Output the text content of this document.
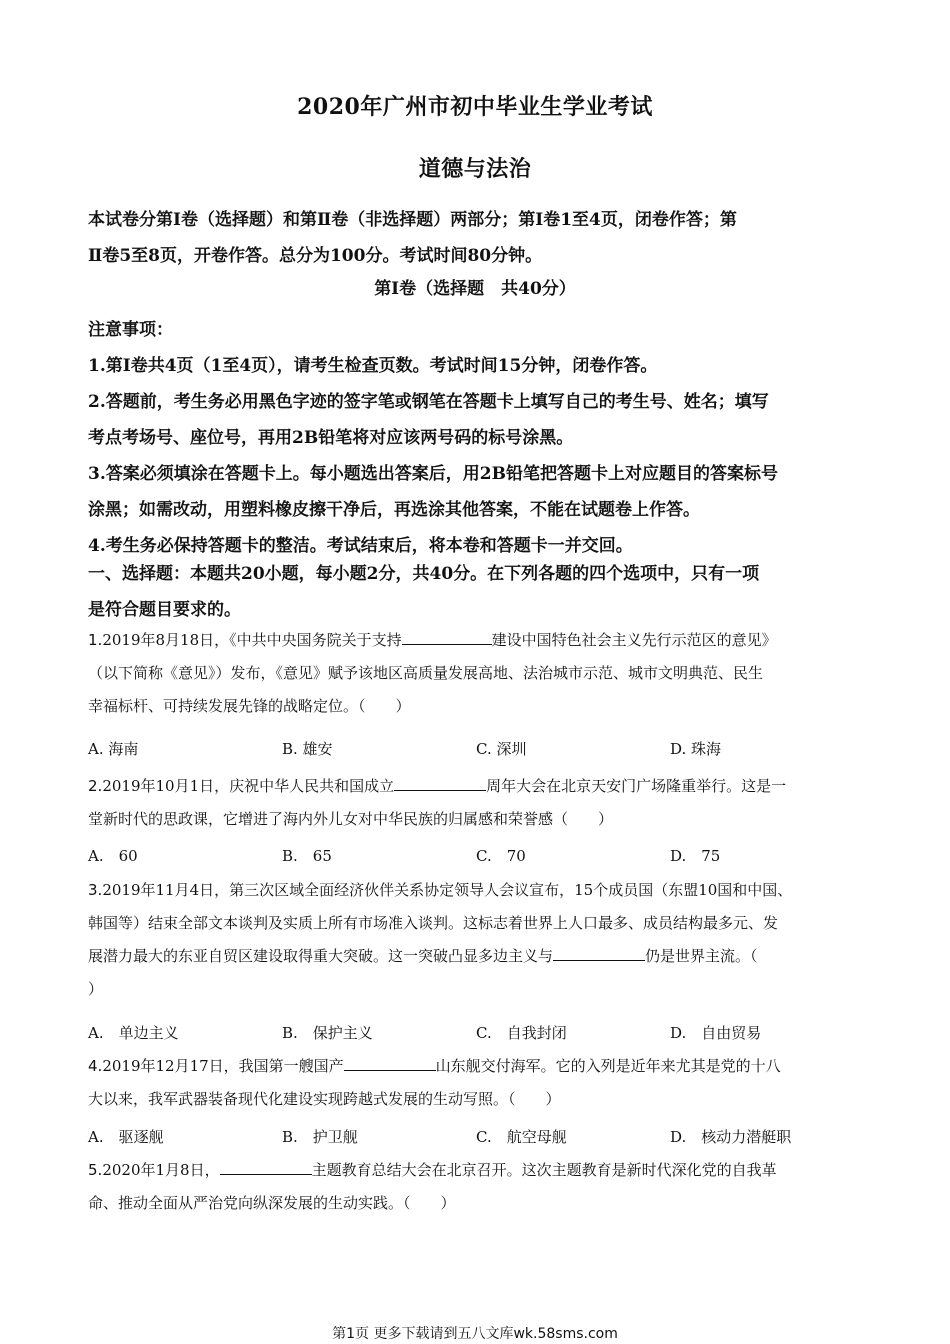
2020年广州市初中毕业生学业考试
道德与法治
本试卷分第Ⅰ卷（选择题）和第Ⅱ卷（非选择题）两部分；第Ⅰ卷1至4页，闭卷作答；第
Ⅱ卷5至8页，开卷作答。总分为100分。考试时间80分钟。
第Ⅰ卷（选择题　共40分）
注意事项：
1.第Ⅰ卷共4页（1至4页），请考生检查页数。考试时间15分钟，闭卷作答。
2.答题前，考生务必用黑色字迹的签字笔或钢笔在答题卡上填写自己的考生号、姓名；填写
考点考场号、座位号，再用2B铅笔将对应该两号码的标号涂黑。
3.答案必须填涂在答题卡上。每小题选出答案后，用2B铅笔把答题卡上对应题目的答案标号
涂黑；如需改动，用塑料橡皮擦干净后，再选涂其他答案，不能在试题卷上作答。
4.考生务必保持答题卡的整洁。考试结束后，将本卷和答题卡一并交回。
一、选择题：本题共20小题，每小题2分，共40分。在下列各题的四个选项中，只有一项
是符合题目要求的。
1.2019年8月18日，《中共中央国务院关于支持	建设中国特色社会主义先行示范区的意见》
（以下简称《意见》）发布，《意见》赋予该地区高质量发展高地、法治城市示范、城市文明典范、民生
幸福标杆、可持续发展先锋的战略定位。（　　）
A. 海南	B. 雄安	C. 深圳	D. 珠海
2.2019年10月1日，庆祝中华人民共和国成立	周年大会在北京天安门广场隆重举行。这是一
堂新时代的思政课，它增进了海内外儿女对中华民族的归属感和荣誉感（　　）
A.　60	B.　65	C.　70	D.　75
3.2019年11月4日，第三次区域全面经济伙伴关系协定领导人会议宣布，15个成员国（东盟10国和中国、
韩国等）结束全部文本谈判及实质上所有市场准入谈判。这标志着世界上人口最多、成员结构最多元、发
展潜力最大的东亚自贸区建设取得重大突破。这一突破凸显多边主义与	仍是世界主流。（
）
A.　单边主义	B.　保护主义	C.　自我封闭	D.　自由贸易
4.2019年12月17日，我国第一艘国产	山东舰交付海军。它的入列是近年来尤其是党的十八
大以来，我军武器装备现代化建设实现跨越式发展的生动写照。（　　）
A.　驱逐舰	B.　护卫舰	C.　航空母舰	D.　核动力潜艇职
5.2020年1月8日，	主题教育总结大会在北京召开。这次主题教育是新时代深化党的自我革
命、推动全面从严治党向纵深发展的生动实践。（　　）
第1页 更多下载请到五八文库wk.58sms.com
